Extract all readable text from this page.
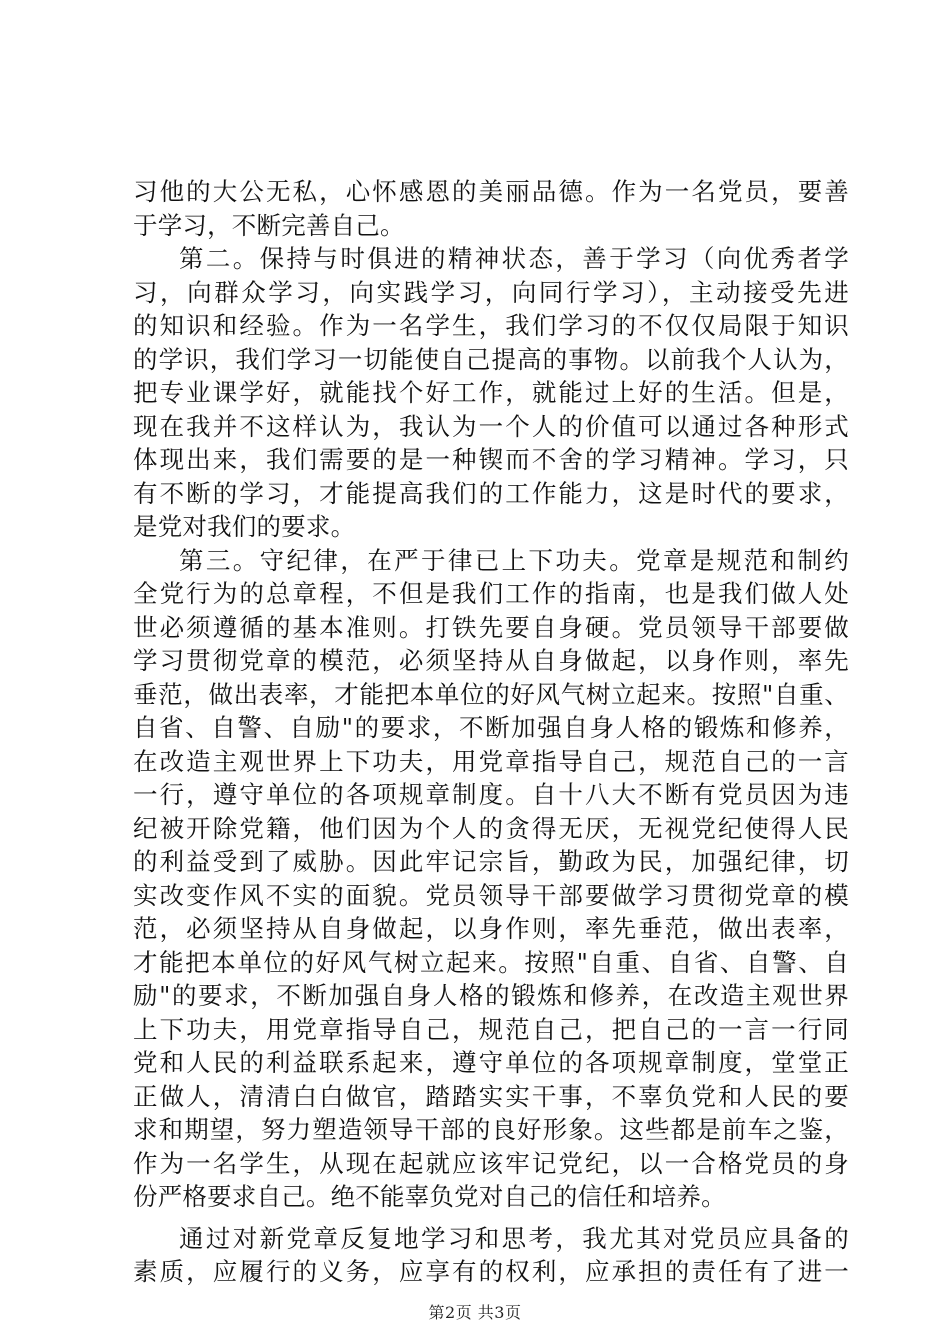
习他的大公无私，心怀感恩的美丽品德。作为一名党员，要善
于学习，不断完善自己。
第二。保持与时俱进的精神状态，善于学习（向优秀者学
习，向群众学习，向实践学习，向同行学习），主动接受先进
的知识和经验。作为一名学生，我们学习的不仅仅局限于知识
的学识，我们学习一切能使自己提高的事物。以前我个人认为，
把专业课学好，就能找个好工作，就能过上好的生活。但是，
现在我并不这样认为，我认为一个人的价值可以通过各种形式
体现出来，我们需要的是一种锲而不舍的学习精神。学习，只
有不断的学习，才能提高我们的工作能力，这是时代的要求，
是党对我们的要求。
第三。守纪律，在严于律已上下功夫。党章是规范和制约
全党行为的总章程，不但是我们工作的指南，也是我们做人处
世必须遵循的基本准则。打铁先要自身硬。党员领导干部要做
学习贯彻党章的模范，必须坚持从自身做起，以身作则，率先
垂范，做出表率，才能把本单位的好风气树立起来。按照"自重、
自省、自警、自励"的要求，不断加强自身人格的锻炼和修养，
在改造主观世界上下功夫，用党章指导自己，规范自己的一言
一行，遵守单位的各项规章制度。自十八大不断有党员因为违
纪被开除党籍，他们因为个人的贪得无厌，无视党纪使得人民
的利益受到了威胁。因此牢记宗旨，勤政为民，加强纪律，切
实改变作风不实的面貌。党员领导干部要做学习贯彻党章的模
范，必须坚持从自身做起，以身作则，率先垂范，做出表率，
才能把本单位的好风气树立起来。按照"自重、自省、自警、自
励"的要求，不断加强自身人格的锻炼和修养，在改造主观世界
上下功夫，用党章指导自己，规范自己，把自己的一言一行同
党和人民的利益联系起来，遵守单位的各项规章制度，堂堂正
正做人，清清白白做官，踏踏实实干事，不辜负党和人民的要
求和期望，努力塑造领导干部的良好形象。这些都是前车之鉴，
作为一名学生，从现在起就应该牢记党纪，以一合格党员的身
份严格要求自己。绝不能辜负党对自己的信任和培养。
通过对新党章反复地学习和思考，我尤其对党员应具备的
素质，应履行的义务，应享有的权利，应承担的责任有了进一
第2页 共3页
